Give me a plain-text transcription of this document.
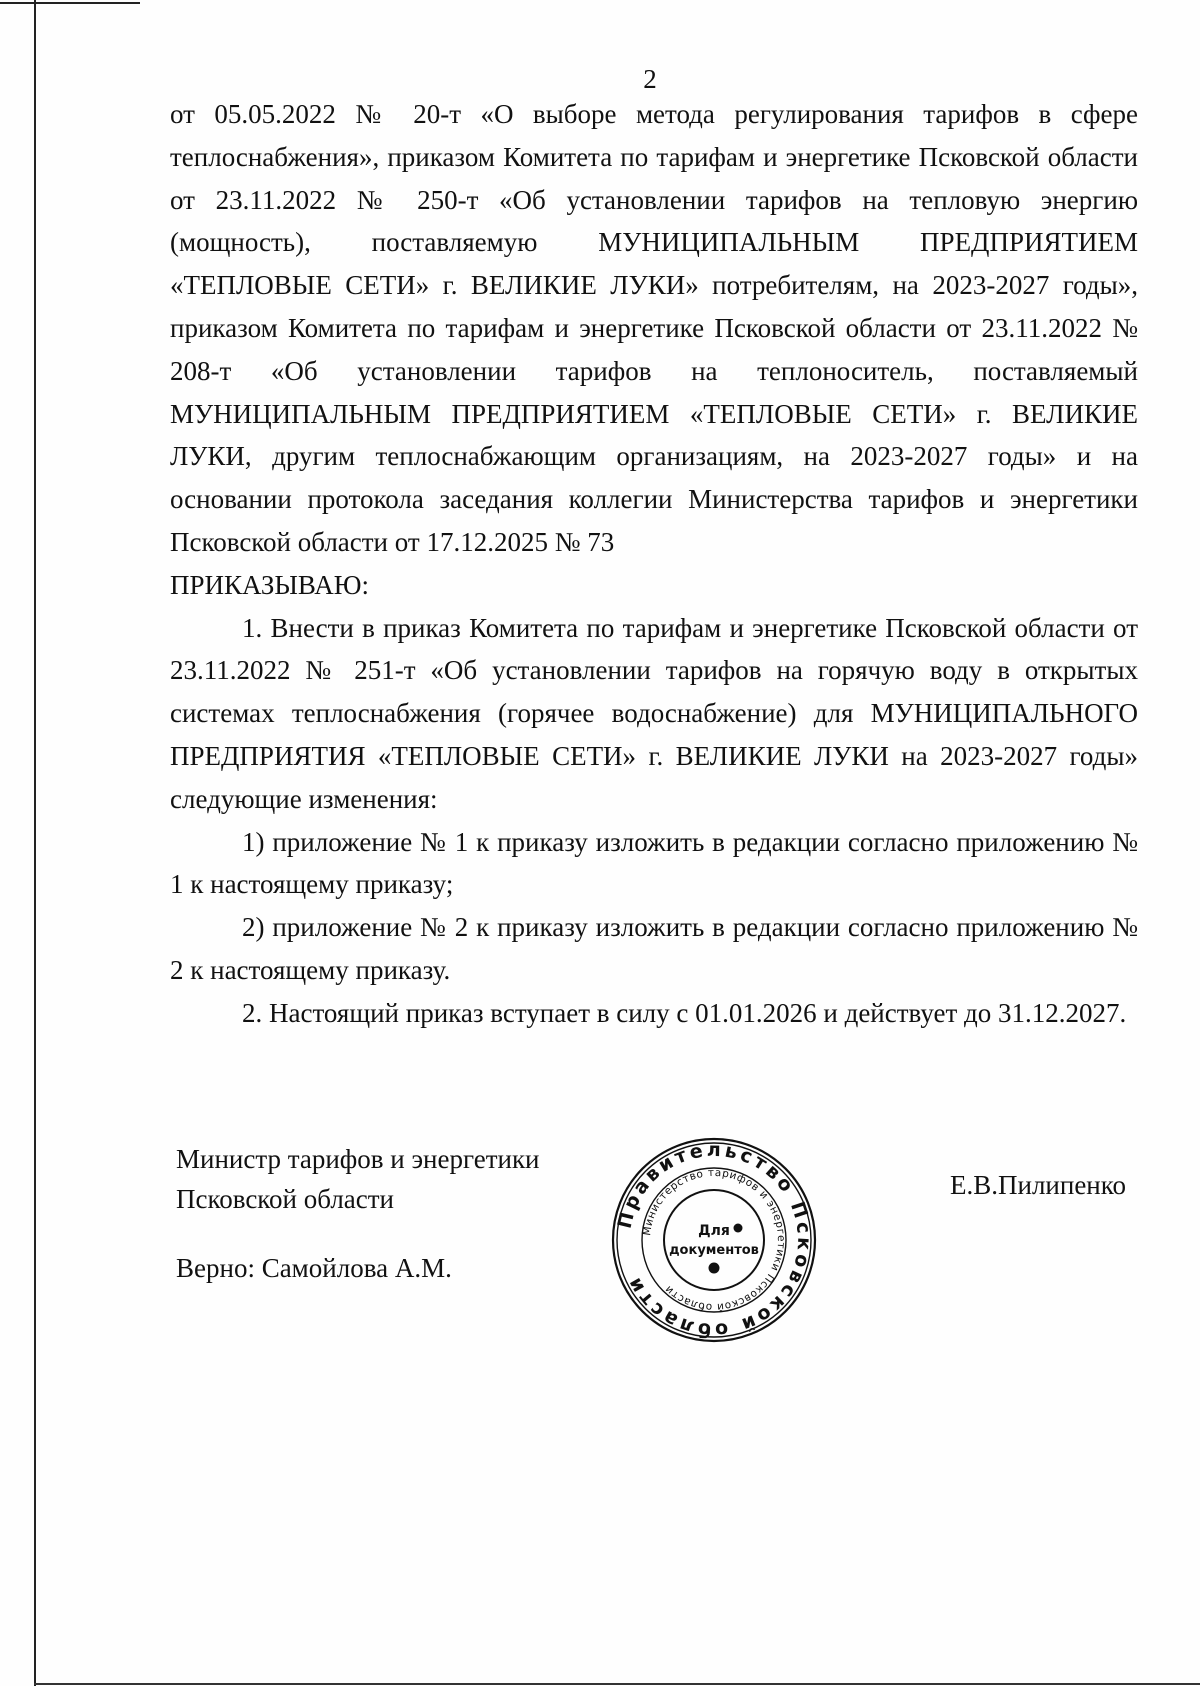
2

от 05.05.2022 № 20-т «О выборе метода регулирования тарифов в сфере теплоснабжения», приказом Комитета по тарифам и энергетике Псковской области от 23.11.2022 № 250-т «Об установлении тарифов на тепловую энергию (мощность), поставляемую МУНИЦИПАЛЬНЫМ ПРЕДПРИЯТИЕМ «ТЕПЛОВЫЕ СЕТИ» г. ВЕЛИКИЕ ЛУКИ» потребителям, на 2023-2027 годы», приказом Комитета по тарифам и энергетике Псковской области от 23.11.2022 № 208-т «Об установлении тарифов на теплоноситель, поставляемый МУНИЦИПАЛЬНЫМ ПРЕДПРИЯТИЕМ «ТЕПЛОВЫЕ СЕТИ» г. ВЕЛИКИЕ ЛУКИ, другим теплоснабжающим организациям, на 2023-2027 годы» и на основании протокола заседания коллегии Министерства тарифов и энергетики Псковской области от 17.12.2025 № 73

ПРИКАЗЫВАЮ:

1. Внести в приказ Комитета по тарифам и энергетике Псковской области от 23.11.2022 № 251-т «Об установлении тарифов на горячую воду в открытых системах теплоснабжения (горячее водоснабжение) для МУНИЦИПАЛЬНОГО ПРЕДПРИЯТИЯ «ТЕПЛОВЫЕ СЕТИ» г. ВЕЛИКИЕ ЛУКИ на 2023-2027 годы» следующие изменения:

1) приложение № 1 к приказу изложить в редакции согласно приложению № 1 к настоящему приказу;

2) приложение № 2 к приказу изложить в редакции согласно приложению № 2 к настоящему приказу.

2. Настоящий приказ вступает в силу с 01.01.2026 и действует до 31.12.2027.

Министр тарифов и энергетики
Псковской области
Верно: Самойлова А.М.
Е.В.Пилипенко
Правительство Псковской области
Министерство тарифов и энергетики Псковской области
Для
документов
